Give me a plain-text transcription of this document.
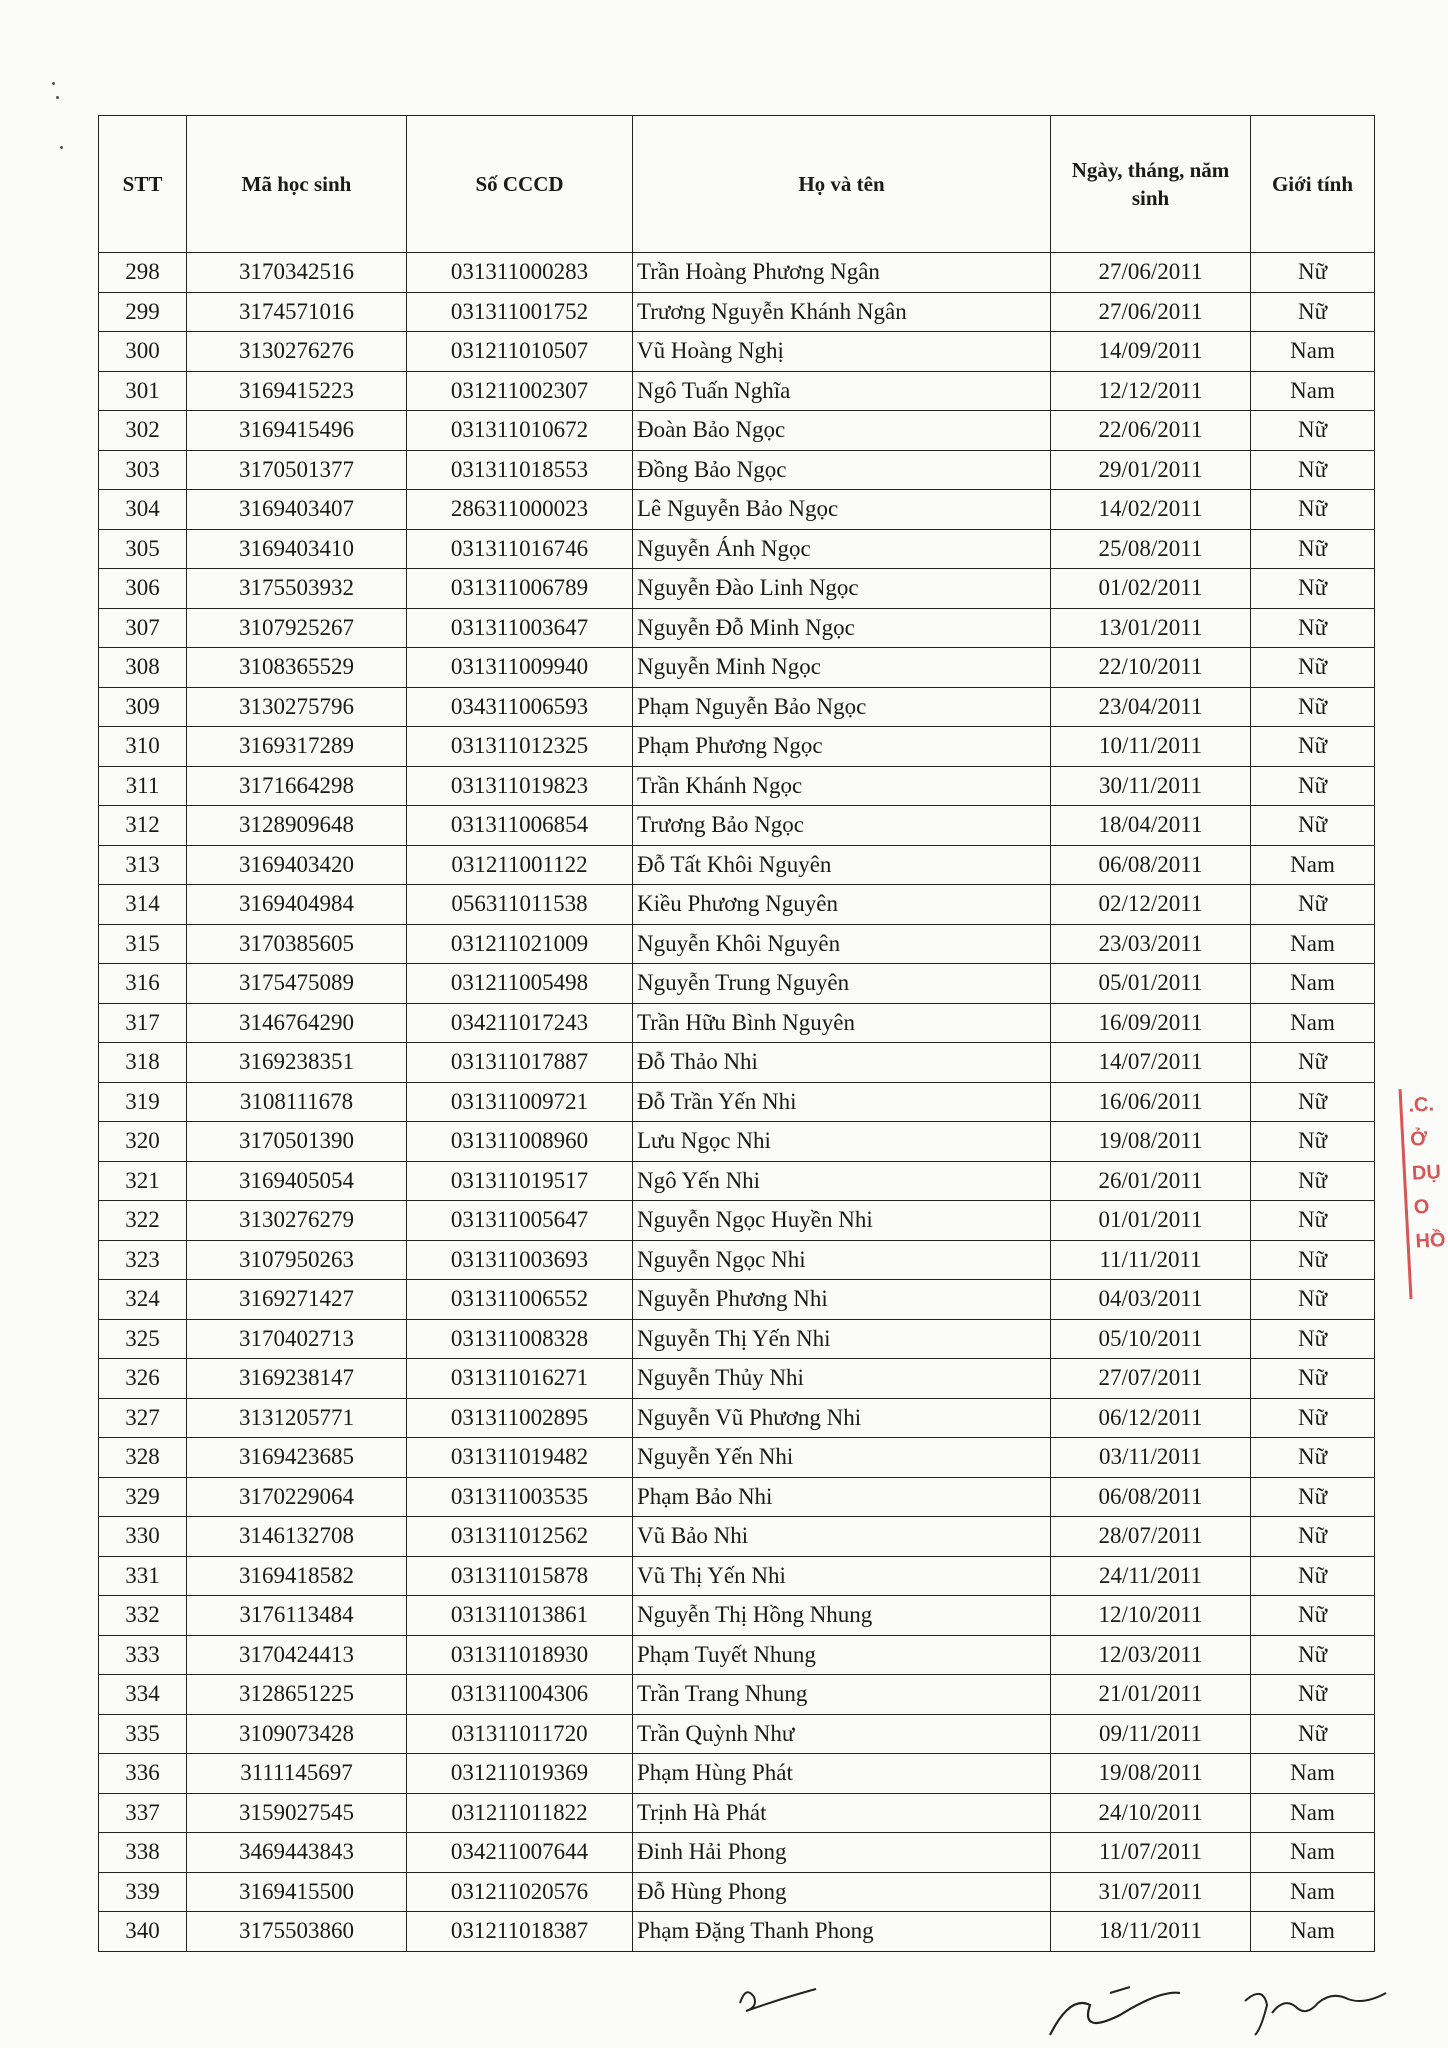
STT	Mã học sinh	Số CCCD	Họ và tên	Ngày, tháng, năm sinh	Giới tính
298	3170342516	031311000283	Trần Hoàng Phương Ngân	27/06/2011	Nữ
299	3174571016	031311001752	Trương Nguyễn Khánh Ngân	27/06/2011	Nữ
300	3130276276	031211010507	Vũ Hoàng Nghị	14/09/2011	Nam
301	3169415223	031211002307	Ngô Tuấn Nghĩa	12/12/2011	Nam
302	3169415496	031311010672	Đoàn Bảo Ngọc	22/06/2011	Nữ
303	3170501377	031311018553	Đồng Bảo Ngọc	29/01/2011	Nữ
304	3169403407	286311000023	Lê Nguyễn Bảo Ngọc	14/02/2011	Nữ
305	3169403410	031311016746	Nguyễn Ánh Ngọc	25/08/2011	Nữ
306	3175503932	031311006789	Nguyễn Đào Linh Ngọc	01/02/2011	Nữ
307	3107925267	031311003647	Nguyễn Đỗ Minh Ngọc	13/01/2011	Nữ
308	3108365529	031311009940	Nguyễn Minh Ngọc	22/10/2011	Nữ
309	3130275796	034311006593	Phạm Nguyễn Bảo Ngọc	23/04/2011	Nữ
310	3169317289	031311012325	Phạm Phương Ngọc	10/11/2011	Nữ
311	3171664298	031311019823	Trần Khánh Ngọc	30/11/2011	Nữ
312	3128909648	031311006854	Trương Bảo Ngọc	18/04/2011	Nữ
313	3169403420	031211001122	Đỗ Tất Khôi Nguyên	06/08/2011	Nam
314	3169404984	056311011538	Kiều Phương Nguyên	02/12/2011	Nữ
315	3170385605	031211021009	Nguyễn Khôi Nguyên	23/03/2011	Nam
316	3175475089	031211005498	Nguyễn Trung Nguyên	05/01/2011	Nam
317	3146764290	034211017243	Trần Hữu Bình Nguyên	16/09/2011	Nam
318	3169238351	031311017887	Đỗ Thảo Nhi	14/07/2011	Nữ
319	3108111678	031311009721	Đỗ Trần Yến Nhi	16/06/2011	Nữ
320	3170501390	031311008960	Lưu Ngọc Nhi	19/08/2011	Nữ
321	3169405054	031311019517	Ngô Yến Nhi	26/01/2011	Nữ
322	3130276279	031311005647	Nguyễn Ngọc Huyền Nhi	01/01/2011	Nữ
323	3107950263	031311003693	Nguyễn Ngọc Nhi	11/11/2011	Nữ
324	3169271427	031311006552	Nguyễn Phương Nhi	04/03/2011	Nữ
325	3170402713	031311008328	Nguyễn Thị Yến Nhi	05/10/2011	Nữ
326	3169238147	031311016271	Nguyễn Thủy Nhi	27/07/2011	Nữ
327	3131205771	031311002895	Nguyễn Vũ Phương Nhi	06/12/2011	Nữ
328	3169423685	031311019482	Nguyễn Yến Nhi	03/11/2011	Nữ
329	3170229064	031311003535	Phạm Bảo Nhi	06/08/2011	Nữ
330	3146132708	031311012562	Vũ Bảo Nhi	28/07/2011	Nữ
331	3169418582	031311015878	Vũ Thị Yến Nhi	24/11/2011	Nữ
332	3176113484	031311013861	Nguyễn Thị Hồng Nhung	12/10/2011	Nữ
333	3170424413	031311018930	Phạm Tuyết Nhung	12/03/2011	Nữ
334	3128651225	031311004306	Trần Trang Nhung	21/01/2011	Nữ
335	3109073428	031311011720	Trần Quỳnh Như	09/11/2011	Nữ
336	3111145697	031211019369	Phạm Hùng Phát	19/08/2011	Nam
337	3159027545	031211011822	Trịnh Hà Phát	24/10/2011	Nam
338	3469443843	034211007644	Đinh Hải Phong	11/07/2011	Nam
339	3169415500	031211020576	Đỗ Hùng Phong	31/07/2011	Nam
340	3175503860	031211018387	Phạm Đặng Thanh Phong	18/11/2011	Nam
.C.
Ở
DỤ
O
HỒ
